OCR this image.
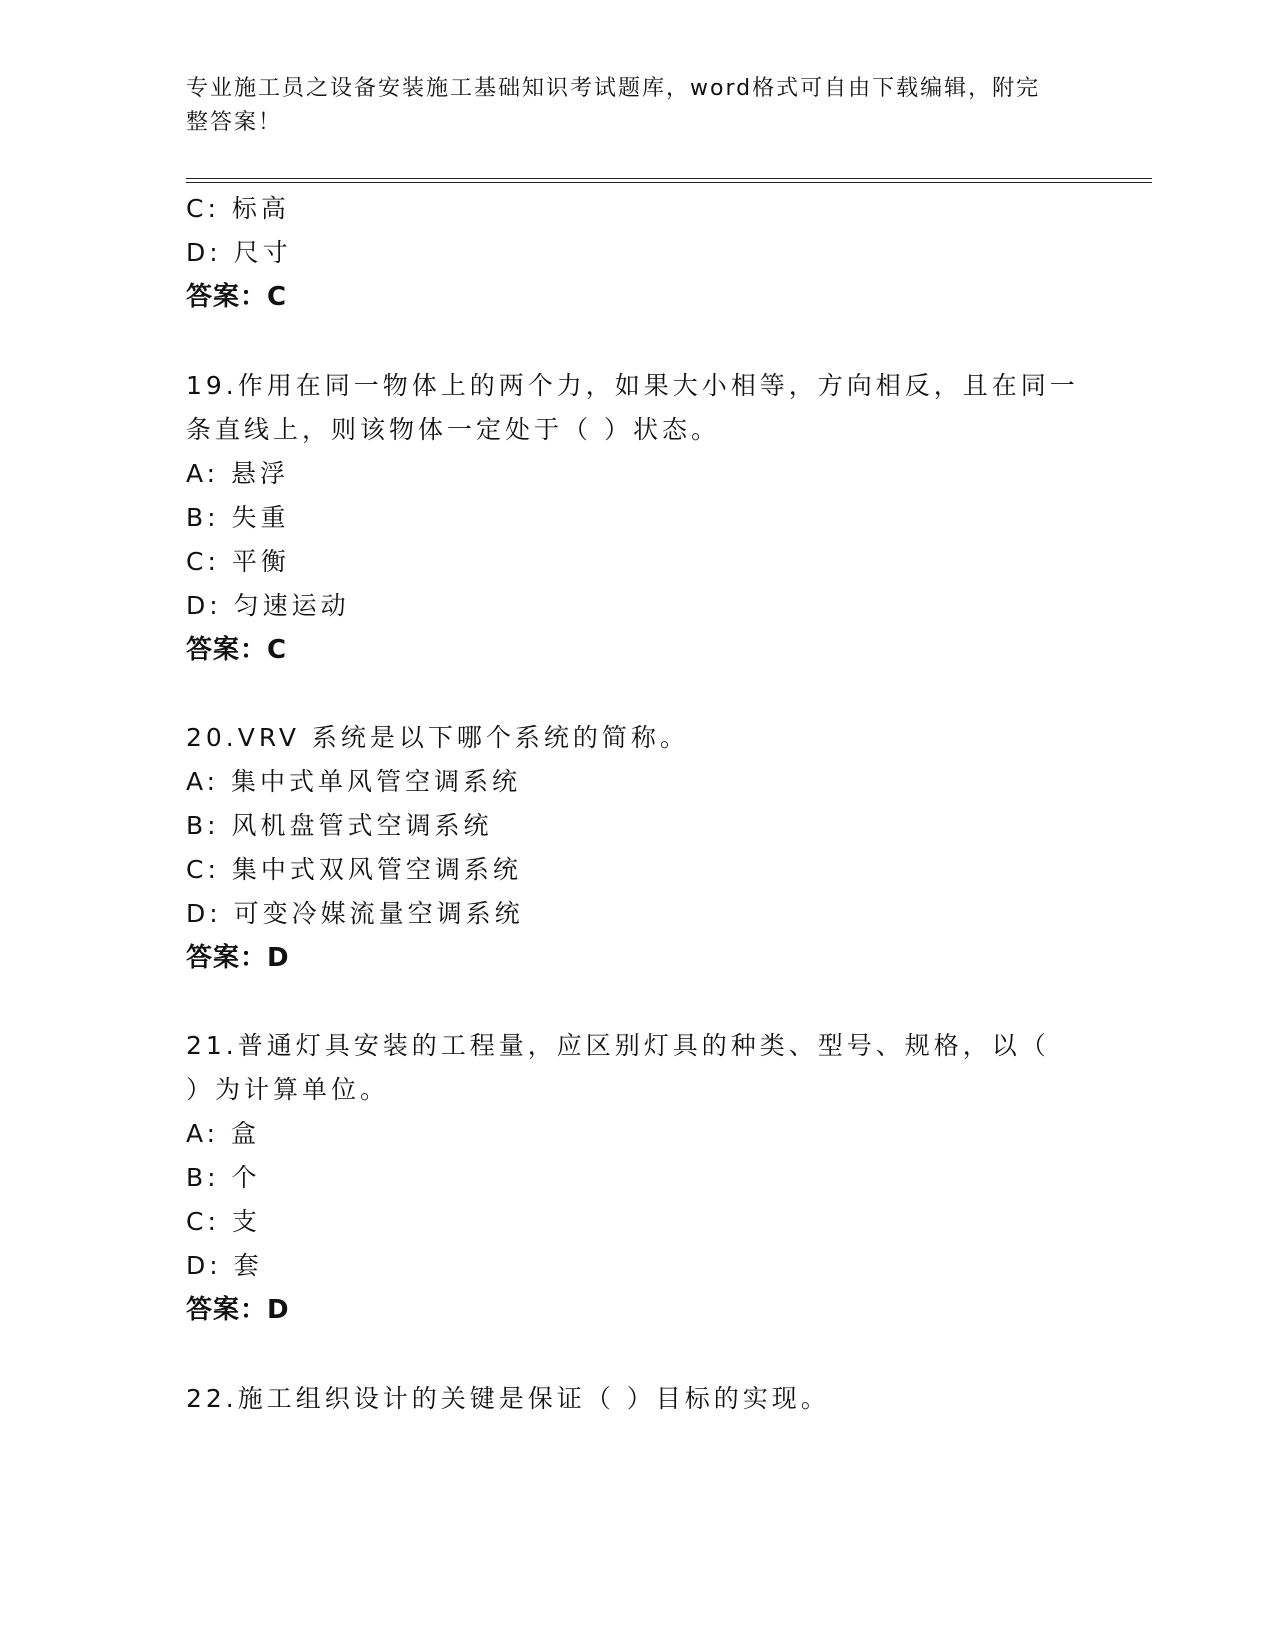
专业施工员之设备安装施工基础知识考试题库，word格式可自由下载编辑，附完
整答案！
C: 标高
D: 尺寸
答案：C
19.作用在同一物体上的两个力，如果大小相等，方向相反，且在同一
条直线上，则该物体一定处于（ ）状态。
A: 悬浮
B: 失重
C: 平衡
D: 匀速运动
答案：C
20.VRV 系统是以下哪个系统的简称。
A: 集中式单风管空调系统
B: 风机盘管式空调系统
C: 集中式双风管空调系统
D: 可变冷媒流量空调系统
答案：D
21.普通灯具安装的工程量，应区别灯具的种类、型号、规格，以（
）为计算单位。
A: 盒
B: 个
C: 支
D: 套
答案：D
22.施工组织设计的关键是保证（ ）目标的实现。
